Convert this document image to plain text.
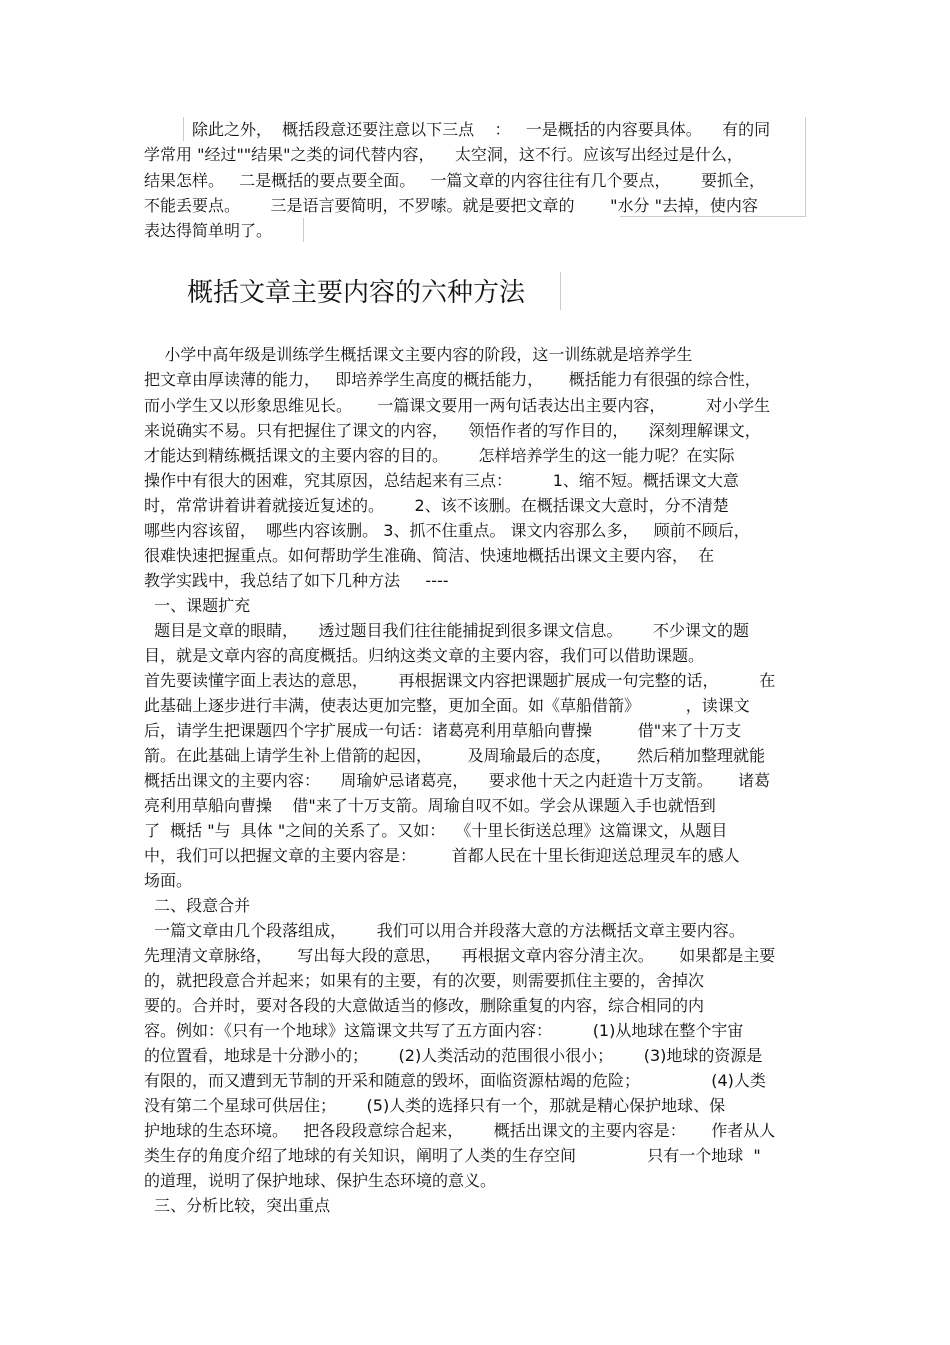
除此之外，  概括段意还要注意以下三点    ：   一是概括的内容要具体。    有的同
学常用 "经过""结果"之类的词代替内容，    太空洞，这不行。应该写出经过是什么，
结果怎样。   二是概括的要点要全面。   一篇文章的内容往往有几个要点，      要抓全，
不能丢要点。      三是语言要简明，不罗嗦。就是要把文章的       "水分 "去掉，使内容
表达得简单明了。
概括文章主要内容的六种方法
小学中高年级是训练学生概括课文主要内容的阶段，这一训练就是培养学生
把文章由厚读薄的能力，   即培养学生高度的概括能力，     概括能力有很强的综合性，
而小学生又以形象思维见长。     一篇课文要用一两句话表达出主要内容，        对小学生
来说确实不易。只有把握住了课文的内容，    领悟作者的写作目的，    深刻理解课文，
才能达到精练概括课文的主要内容的目的。      怎样培养学生的这一能力呢？在实际
操作中有很大的困难，究其原因，总结起来有三点：        1、缩不短。概括课文大意
时，常常讲着讲着就接近复述的。      2、该不该删。在概括课文大意时，分不清楚
哪些内容该留，  哪些内容该删。 3、抓不住重点。 课文内容那么多，   顾前不顾后，
很难快速把握重点。如何帮助学生准确、简洁、快速地概括出课文主要内容，  在
教学实践中，我总结了如下几种方法     ----
一、课题扩充
题目是文章的眼睛，    透过题目我们往往能捕捉到很多课文信息。      不少课文的题
目，就是文章内容的高度概括。归纳这类文章的主要内容，我们可以借助课题。
首先要读懂字面上表达的意思，      再根据课文内容把课题扩展成一句完整的话，        在
此基础上逐步进行丰满，使表达更加完整，更加全面。如《草船借箭》         ，读课文
后，请学生把课题四个字扩展成一句话：诸葛亮利用草船向曹操         借"来了十万支
箭。在此基础上请学生补上借箭的起因，       及周瑜最后的态度，     然后稍加整理就能
概括出课文的主要内容：    周瑜妒忌诸葛亮，    要求他十天之内赶造十万支箭。     诸葛
亮利用草船向曹操    借"来了十万支箭。周瑜自叹不如。学会从课题入手也就悟到
了  概括 "与  具体 "之间的关系了。又如：  《十里长街送总理》这篇课文，从题目
中，我们可以把握文章的主要内容是：       首都人民在十里长街迎送总理灵车的感人
场面。
二、段意合并
一篇文章由几个段落组成，      我们可以用合并段落大意的方法概括文章主要内容。
先理清文章脉络，     写出每大段的意思，    再根据文章内容分清主次。     如果都是主要
的，就把段意合并起来；如果有的主要，有的次要，则需要抓住主要的，舍掉次
要的。合并时，要对各段的大意做适当的修改，删除重复的内容，综合相同的内
容。例如：《只有一个地球》这篇课文共写了五方面内容：        (1)从地球在整个宇宙
的位置看，地球是十分渺小的；      (2)人类活动的范围很小很小；      (3)地球的资源是
有限的，而又遭到无节制的开采和随意的毁坏，面临资源枯竭的危险；              (4)人类
没有第二个星球可供居住；      (5)人类的选择只有一个，那就是精心保护地球、保
护地球的生态环境。   把各段段意综合起来，      概括出课文的主要内容是：     作者从人
类生存的角度介绍了地球的有关知识，阐明了人类的生存空间              只有一个地球  "
的道理，说明了保护地球、保护生态环境的意义。
三、分析比较，突出重点
